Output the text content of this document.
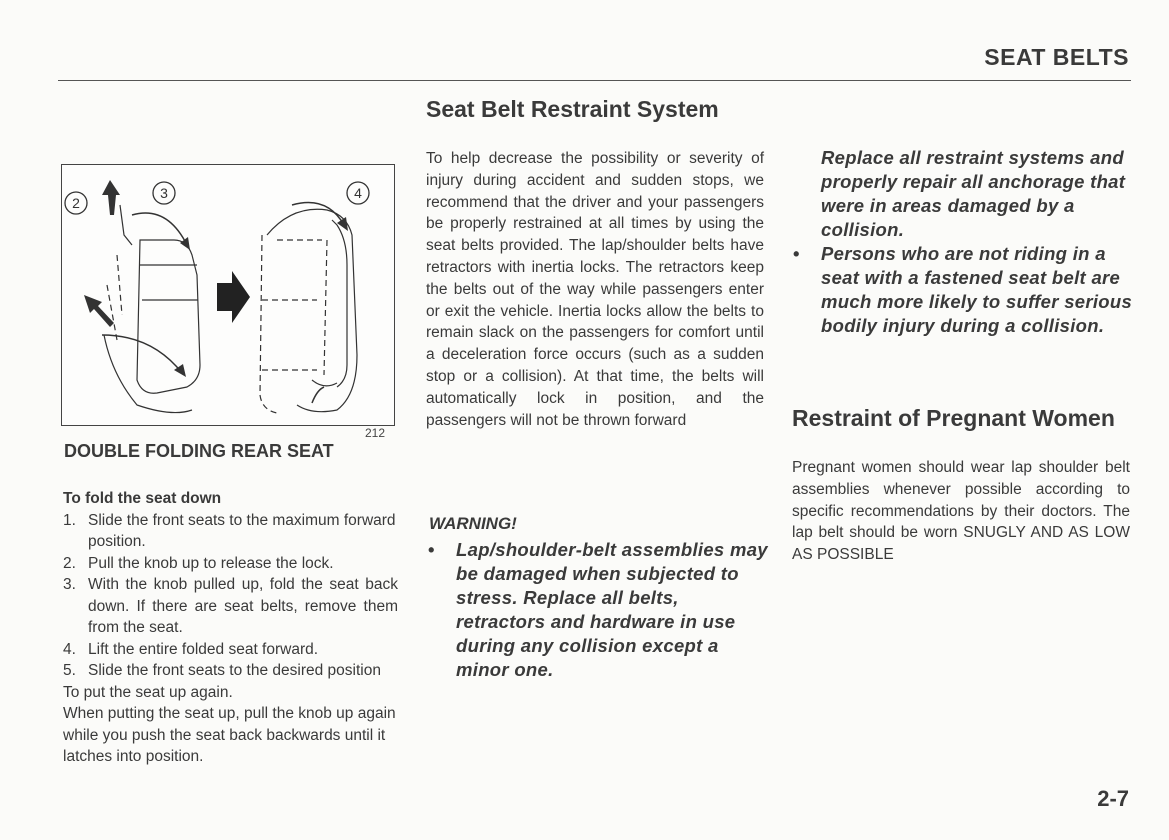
SEAT BELTS
Seat Belt Restraint System
2
3	4
212
DOUBLE FOLDING REAR SEAT

To fold the seat down

1. Slide the front seats to the maximum forward position.
2. Pull the knob up to release the lock.
3. With the knob pulled up, fold the seat back down. If there are seat belts, remove them from the seat.
4. Lift the entire folded seat forward.
5. Slide the front seats to the desired position

To put the seat up again.

When putting the seat up, pull the knob up again while you push the seat back backwards until it latches into position.

To help decrease the possibility or severity of injury during accident and sudden stops, we recommend that the driver and your passengers be properly restrained at all times by using the seat belts provided. The lap/shoulder belts have retractors with inertia locks. The retractors keep the belts out of the way while passengers enter or exit the vehicle. Inertia locks allow the belts to remain slack on the passengers for comfort until a deceleration force occurs (such as a sudden stop or a collision). At that time, the belts will automatically lock in position, and the passengers will not be thrown forward
WARNING!
• Lap/shoulder-belt assemblies may be damaged when subjected to stress. Replace all belts, retractors and hardware in use during any collision except a minor one.
Replace all restraint systems and properly repair all anchorage that were in areas damaged by a collision.
• Persons who are not riding in a seat with a fastened seat belt are much more likely to suffer serious bodily injury during a collision.
Restraint of Pregnant Women
Pregnant women should wear lap shoulder belt assemblies whenever possible according to specific recommendations by their doctors. The lap belt should be worn SNUGLY AND AS LOW AS POSSIBLE
2-7
